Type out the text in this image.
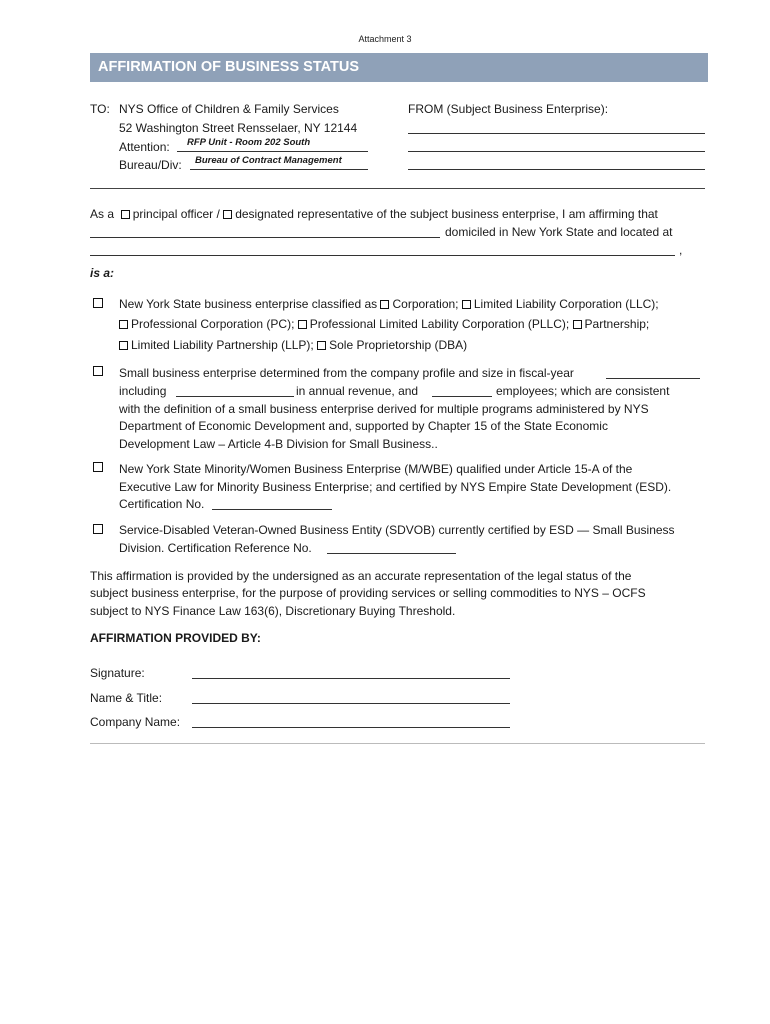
Attachment 3
AFFIRMATION OF BUSINESS STATUS
TO: NYS Office of Children & Family Services
52 Washington Street Rensselaer, NY 12144
Attention: RFP Unit - Room 202 South
Bureau/Div: Bureau of Contract Management
FROM (Subject Business Enterprise):
As a principal officer / designated representative of the subject business enterprise, I am affirming that
domiciled in New York State and located at
,
is a:
New York State business enterprise classified as Corporation; Limited Liability Corporation (LLC);
Professional Corporation (PC); Professional Limited Lability Corporation (PLLC); Partnership;
Limited Liability Partnership (LLP); Sole Proprietorship (DBA)
Small business enterprise determined from the company profile and size in fiscal-year
including	in annual revenue, and	employees; which are consistent
with the definition of a small business enterprise derived for multiple programs administered by NYS
Department of Economic Development and, supported by Chapter 15 of the State Economic
Development Law – Article 4-B Division for Small Business..
New York State Minority/Women Business Enterprise (M/WBE) qualified under Article 15-A of the
Executive Law for Minority Business Enterprise; and certified by NYS Empire State Development (ESD).
Certification No.
Service-Disabled Veteran-Owned Business Entity (SDVOB) currently certified by ESD — Small Business
Division. Certification Reference No.
This affirmation is provided by the undersigned as an accurate representation of the legal status of the
subject business enterprise, for the purpose of providing services or selling commodities to NYS – OCFS
subject to NYS Finance Law 163(6), Discretionary Buying Threshold.
AFFIRMATION PROVIDED BY:
Signature:
Name & Title:
Company Name:
